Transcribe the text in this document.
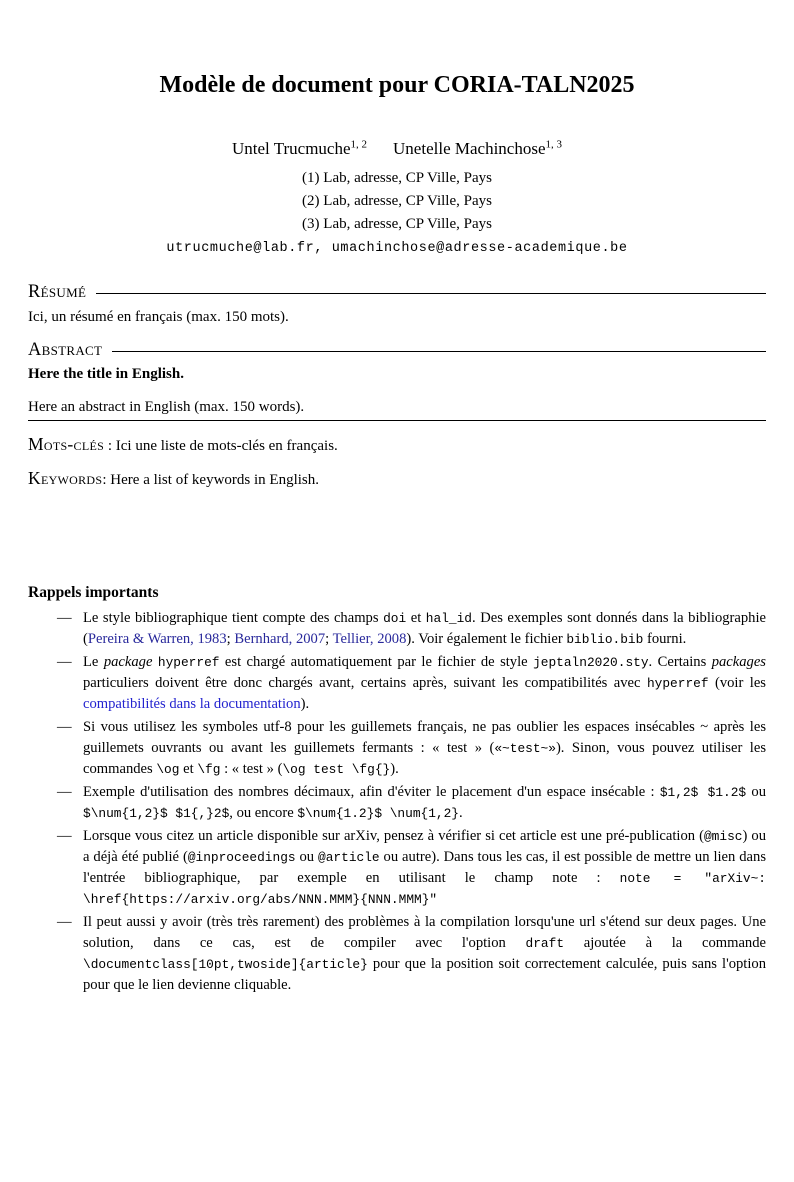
Modèle de document pour CORIA-TALN2025
Untel Trucmuche$^{1, 2}$ Unetelle Machinchose$^{1, 3}$
(1) Lab, adresse, CP Ville, Pays
(2) Lab, adresse, CP Ville, Pays
(3) Lab, adresse, CP Ville, Pays
utrucmuche@lab.fr, umachinchose@adresse-academique.be
Résumé

Ici, un résumé en français (max. 150 mots).

Abstract

Here the title in English.

Here an abstract in English (max. 150 words).

Mots-clés : Ici une liste de mots-clés en français.

Keywords: Here a list of keywords in English.

Rappels importants
— Le style bibliographique tient compte des champs doi et hal_id. Des exemples sont donnés dans la bibliographie (Pereira & Warren, 1983; Bernhard, 2007; Tellier, 2008). Voir également le fichier biblio.bib fourni.
— Le package hyperref est chargé automatiquement par le fichier de style jeptaln2020.sty. Certains packages particuliers doivent être donc chargés avant, certains après, suivant les compatibilités avec hyperref (voir les compatibilités dans la documentation).
— Si vous utilisez les symboles utf-8 pour les guillemets français, ne pas oublier les espaces insécables ~ après les guillemets ouvrants ou avant les guillemets fermants : « test » («~test~»). Sinon, vous pouvez utiliser les commandes \og et \fg : « test » (\og test \fg{}).
— Exemple d'utilisation des nombres décimaux, afin d'éviter le placement d'un espace insécable : $1,2$ $1.2$ ou $\num{1,2}$ $1{,}2$, ou encore $\num{1.2}$ \num{1,2}.
— Lorsque vous citez un article disponible sur arXiv, pensez à vérifier si cet article est une pré-publication (@misc) ou a déjà été publié (@inproceedings ou @article ou autre). Dans tous les cas, il est possible de mettre un lien dans l'entrée bibliographique, par exemple en utilisant le champ note : note = "arXiv~: \href{https://arxiv.org/abs/NNN.MMM}{NNN.MMM}"
— Il peut aussi y avoir (très très rarement) des problèmes à la compilation lorsqu'une url s'étend sur deux pages. Une solution, dans ce cas, est de compiler avec l'option draft ajoutée à la commande \documentclass[10pt,twoside]{article} pour que la position soit correctement calculée, puis sans l'option pour que le lien devienne cliquable.
